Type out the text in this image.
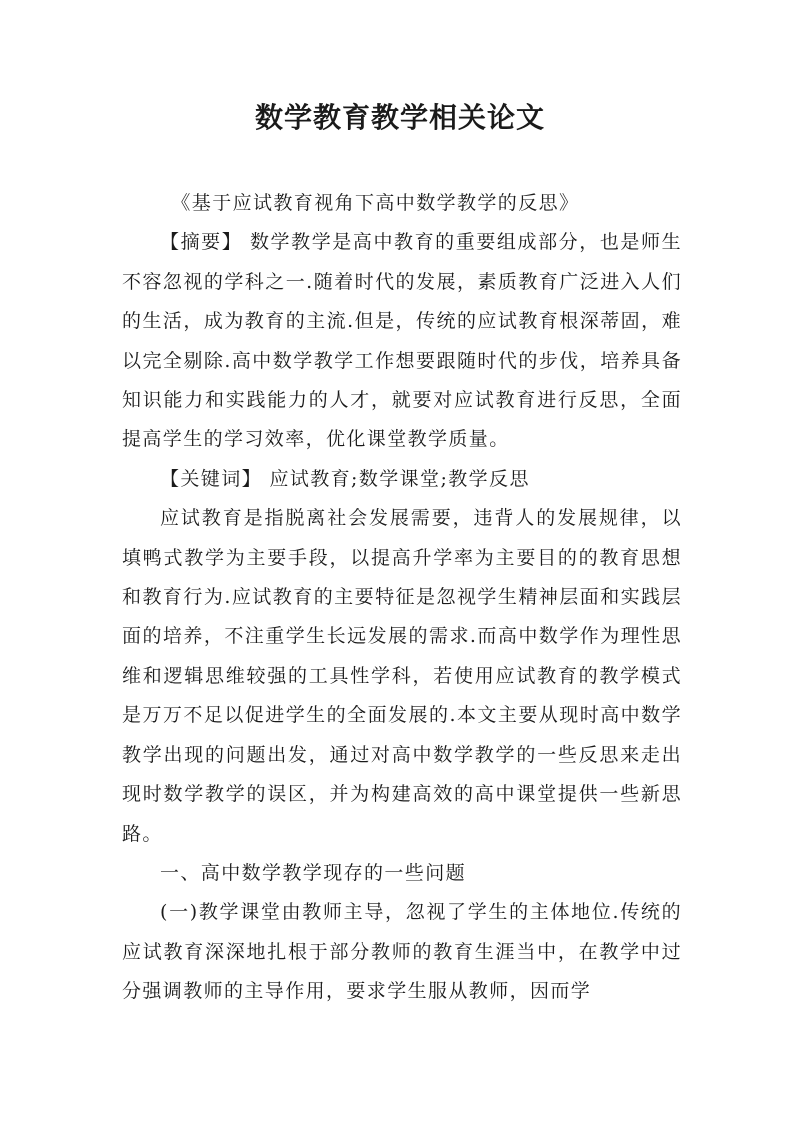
数学教育教学相关论文

《基于应试教育视角下高中数学教学的反思》

【摘要】 数学教学是高中教育的重要组成部分，也是师生不容忽视的学科之一.随着时代的发展，素质教育广泛进入人们的生活，成为教育的主流.但是，传统的应试教育根深蒂固，难以完全剔除.高中数学教学工作想要跟随时代的步伐，培养具备知识能力和实践能力的人才，就要对应试教育进行反思，全面提高学生的学习效率，优化课堂教学质量。

【关键词】 应试教育;数学课堂;教学反思

应试教育是指脱离社会发展需要，违背人的发展规律，以填鸭式教学为主要手段，以提高升学率为主要目的的教育思想和教育行为.应试教育的主要特征是忽视学生精神层面和实践层面的培养，不注重学生长远发展的需求.而高中数学作为理性思维和逻辑思维较强的工具性学科，若使用应试教育的教学模式是万万不足以促进学生的全面发展的.本文主要从现时高中数学教学出现的问题出发，通过对高中数学教学的一些反思来走出现时数学教学的误区，并为构建高效的高中课堂提供一些新思路。

一、高中数学教学现存的一些问题

(一)教学课堂由教师主导，忽视了学生的主体地位.传统的应试教育深深地扎根于部分教师的教育生涯当中，在教学中过分强调教师的主导作用，要求学生服从教师，因而学
